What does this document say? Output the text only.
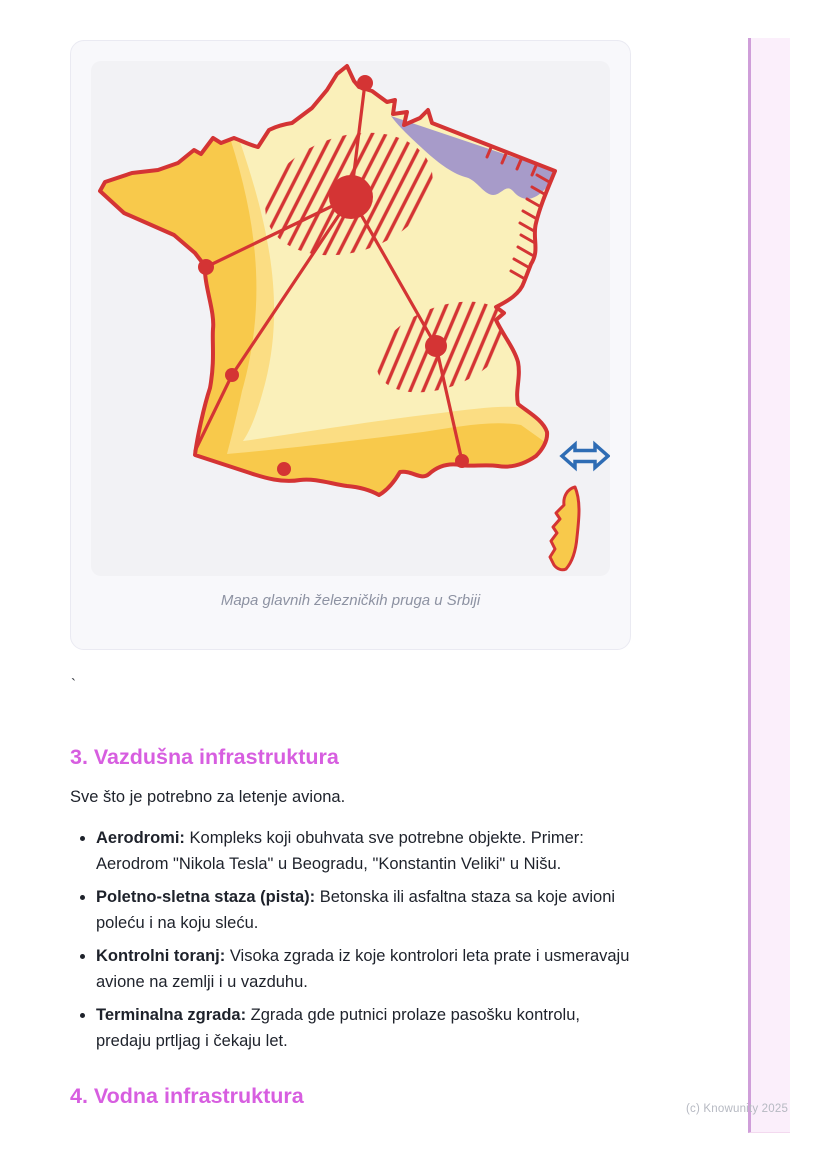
Mapa glavnih železničkih pruga u Srbiji
`
3. Vazdušna infrastruktura

Sve što je potrebno za letenje aviona.

• Aerodromi: Kompleks koji obuhvata sve potrebne objekte. Primer: Aerodrom "Nikola Tesla" u Beogradu, "Konstantin Veliki" u Nišu.
• Poletno-sletna staza (pista): Betonska ili asfaltna staza sa koje avioni poleću i na koju sleću.
• Kontrolni toranj: Visoka zgrada iz koje kontrolori leta prate i usmeravaju avione na zemlji i u vazduhu.
• Terminalna zgrada: Zgrada gde putnici prolaze pasošku kontrolu, predaju prtljag i čekaju let.
4. Vodna infrastruktura
(c) Knowunity 2025
